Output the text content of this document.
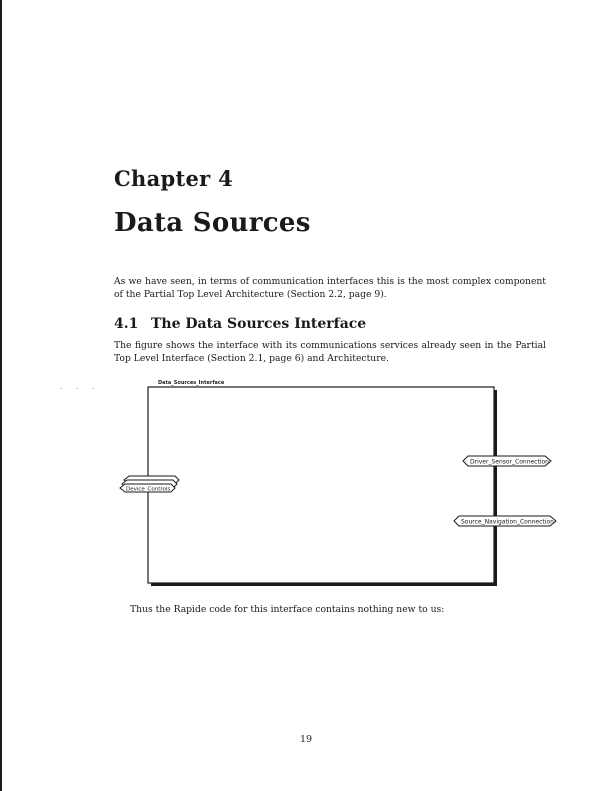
Chapter 4
Data Sources
As we have seen, in terms of communication interfaces this is the most complex component of the Partial Top Level Architecture (Section 2.2, page 9).
4.1 The Data Sources Interface
The figure shows the interface with its communications services already seen in the Partial Top Level Interface (Section 2.1, page 6) and Architecture.
- - -
Data_Sources_Interface
Device_Controls
Driver_Sensor_Connection
Source_Navigation_Connection
Thus the Rapide code for this interface contains nothing new to us:
19
